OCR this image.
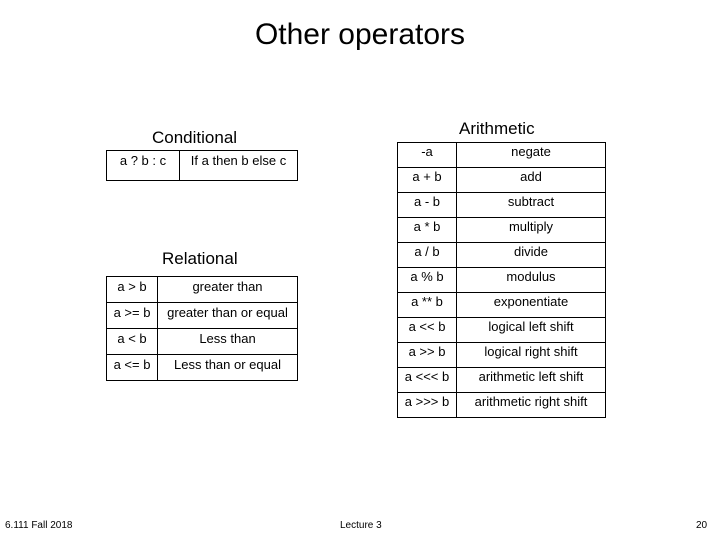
Other operators
Conditional
a ? b : c	If a then b else c
Relational
a > b	greater than
a >= b	greater than or equal
a < b	Less than
a <= b	Less than or equal
Arithmetic
-a	negate
a + b	add
a - b	subtract
a * b	multiply
a / b	divide
a % b	modulus
a ** b	exponentiate
a << b	logical left shift
a >> b	logical right shift
a <<< b	arithmetic left shift
a >>> b	arithmetic right shift
6.111 Fall 2018	Lecture 3	20
